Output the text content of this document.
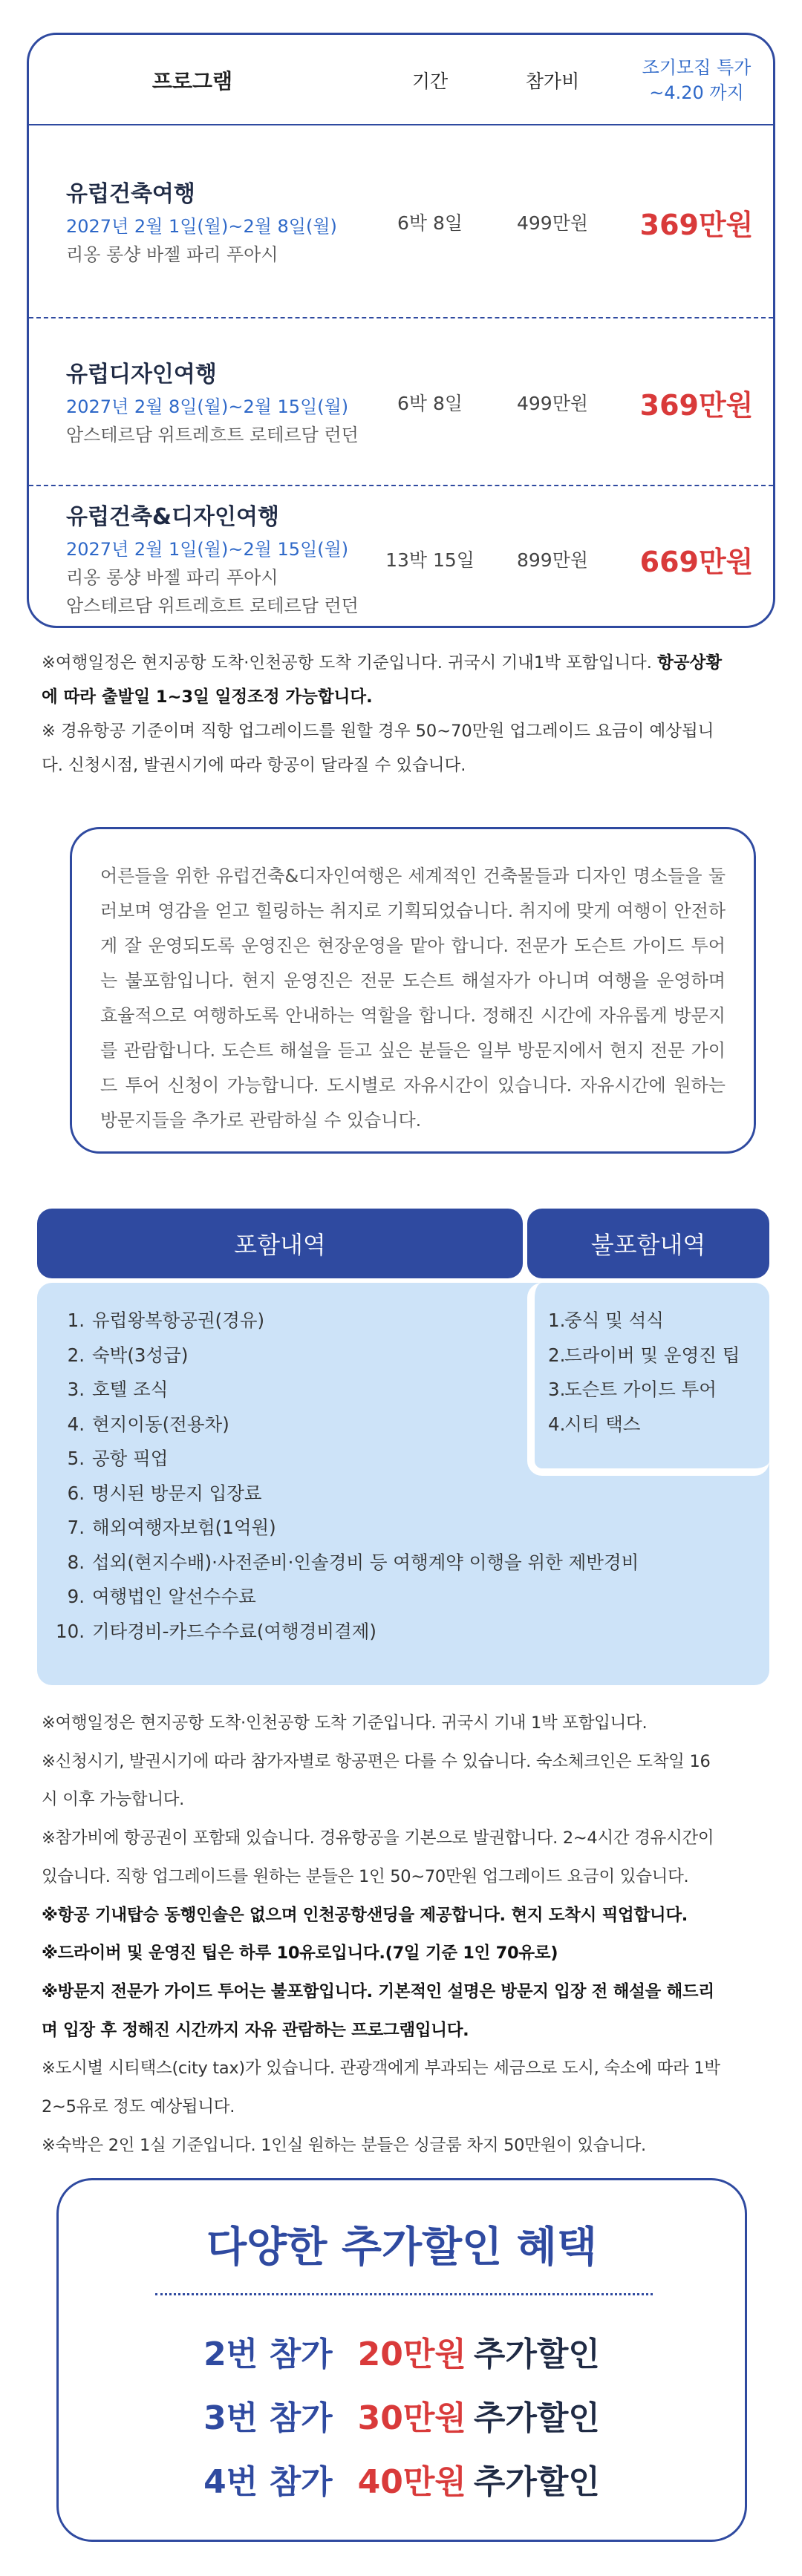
프로그램	기간	참가비
조기모집 특가
~4.20 까지
유럽건축여행
2027년 2월 1일(월)~2월 8일(월)
리옹 롱샹 바젤 파리 푸아시
6박 8일	499만원	369만원
유럽디자인여행
2027년 2월 8일(월)~2월 15일(월)
암스테르담 위트레흐트 로테르담 런던
6박 8일	499만원	369만원
유럽건축&디자인여행
2027년 2월 1일(월)~2월 15일(월)
리옹 롱샹 바젤 파리 푸아시
암스테르담 위트레흐트 로테르담 런던
13박 15일	899만원	669만원

※여행일정은 현지공항 도착·인천공항 도착 기준입니다. 귀국시 기내1박 포함입니다. 항공상황

에 따라 출발일 1~3일 일정조정 가능합니다.

※ 경유항공 기준이며 직항 업그레이드를 원할 경우 50~70만원 업그레이드 요금이 예상됩니

다. 신청시점, 발권시기에 따라 항공이 달라질 수 있습니다.

어른들을 위한 유럽건축&디자인여행은 세계적인 건축물들과 디자인 명소들을 둘러보며 영감을 얻고 힐링하는 취지로 기획되었습니다. 취지에 맞게 여행이 안전하게 잘 운영되도록 운영진은 현장운영을 맡아 합니다. 전문가 도슨트 가이드 투어는 불포함입니다. 현지 운영진은 전문 도슨트 해설자가 아니며 여행을 운영하며 효율적으로 여행하도록 안내하는 역할을 합니다. 정해진 시간에 자유롭게 방문지를 관람합니다. 도슨트 해설을 듣고 싶은 분들은 일부 방문지에서 현지 전문 가이드 투어 신청이 가능합니다. 도시별로 자유시간이 있습니다. 자유시간에 원하는 방문지들을 추가로 관람하실 수 있습니다.
포함내역	불포함내역
1. 유럽왕복항공권(경유)
2. 숙박(3성급)
3. 호텔 조식
4. 현지이동(전용차)
5. 공항 픽업
6. 명시된 방문지 입장료
7. 해외여행자보험(1억원)
8. 섭외(현지수배)·사전준비·인솔경비 등 여행계약 이행을 위한 제반경비
9. 여행법인 알선수수료
10. 기타경비-카드수수료(여행경비결제)
1.중식 및 석식
2.드라이버 및 운영진 팁
3.도슨트 가이드 투어
4.시티 택스

※여행일정은 현지공항 도착·인천공항 도착 기준입니다. 귀국시 기내 1박 포함입니다.

※신청시기, 발권시기에 따라 참가자별로 항공편은 다를 수 있습니다. 숙소체크인은 도착일 16

시 이후 가능합니다.

※참가비에 항공권이 포함돼 있습니다. 경유항공을 기본으로 발권합니다. 2~4시간 경유시간이

있습니다. 직항 업그레이드를 원하는 분들은 1인 50~70만원 업그레이드 요금이 있습니다.

※항공 기내탑승 동행인솔은 없으며 인천공항샌딩을 제공합니다. 현지 도착시 픽업합니다.

※드라이버 및 운영진 팁은 하루 10유로입니다.(7일 기준 1인 70유로)

※방문지 전문가 가이드 투어는 불포함입니다. 기본적인 설명은 방문지 입장 전 해설을 해드리

며 입장 후 정해진 시간까지 자유 관람하는 프로그램입니다.

※도시별 시티택스(city tax)가 있습니다. 관광객에게 부과되는 세금으로 도시, 숙소에 따라 1박

2~5유로 정도 예상됩니다.

※숙박은 2인 1실 기준입니다. 1인실 원하는 분들은 싱글룸 차지 50만원이 있습니다.

다양한 추가할인 혜택
2번 참가 20만원 추가할인
3번 참가 30만원 추가할인
4번 참가 40만원 추가할인
